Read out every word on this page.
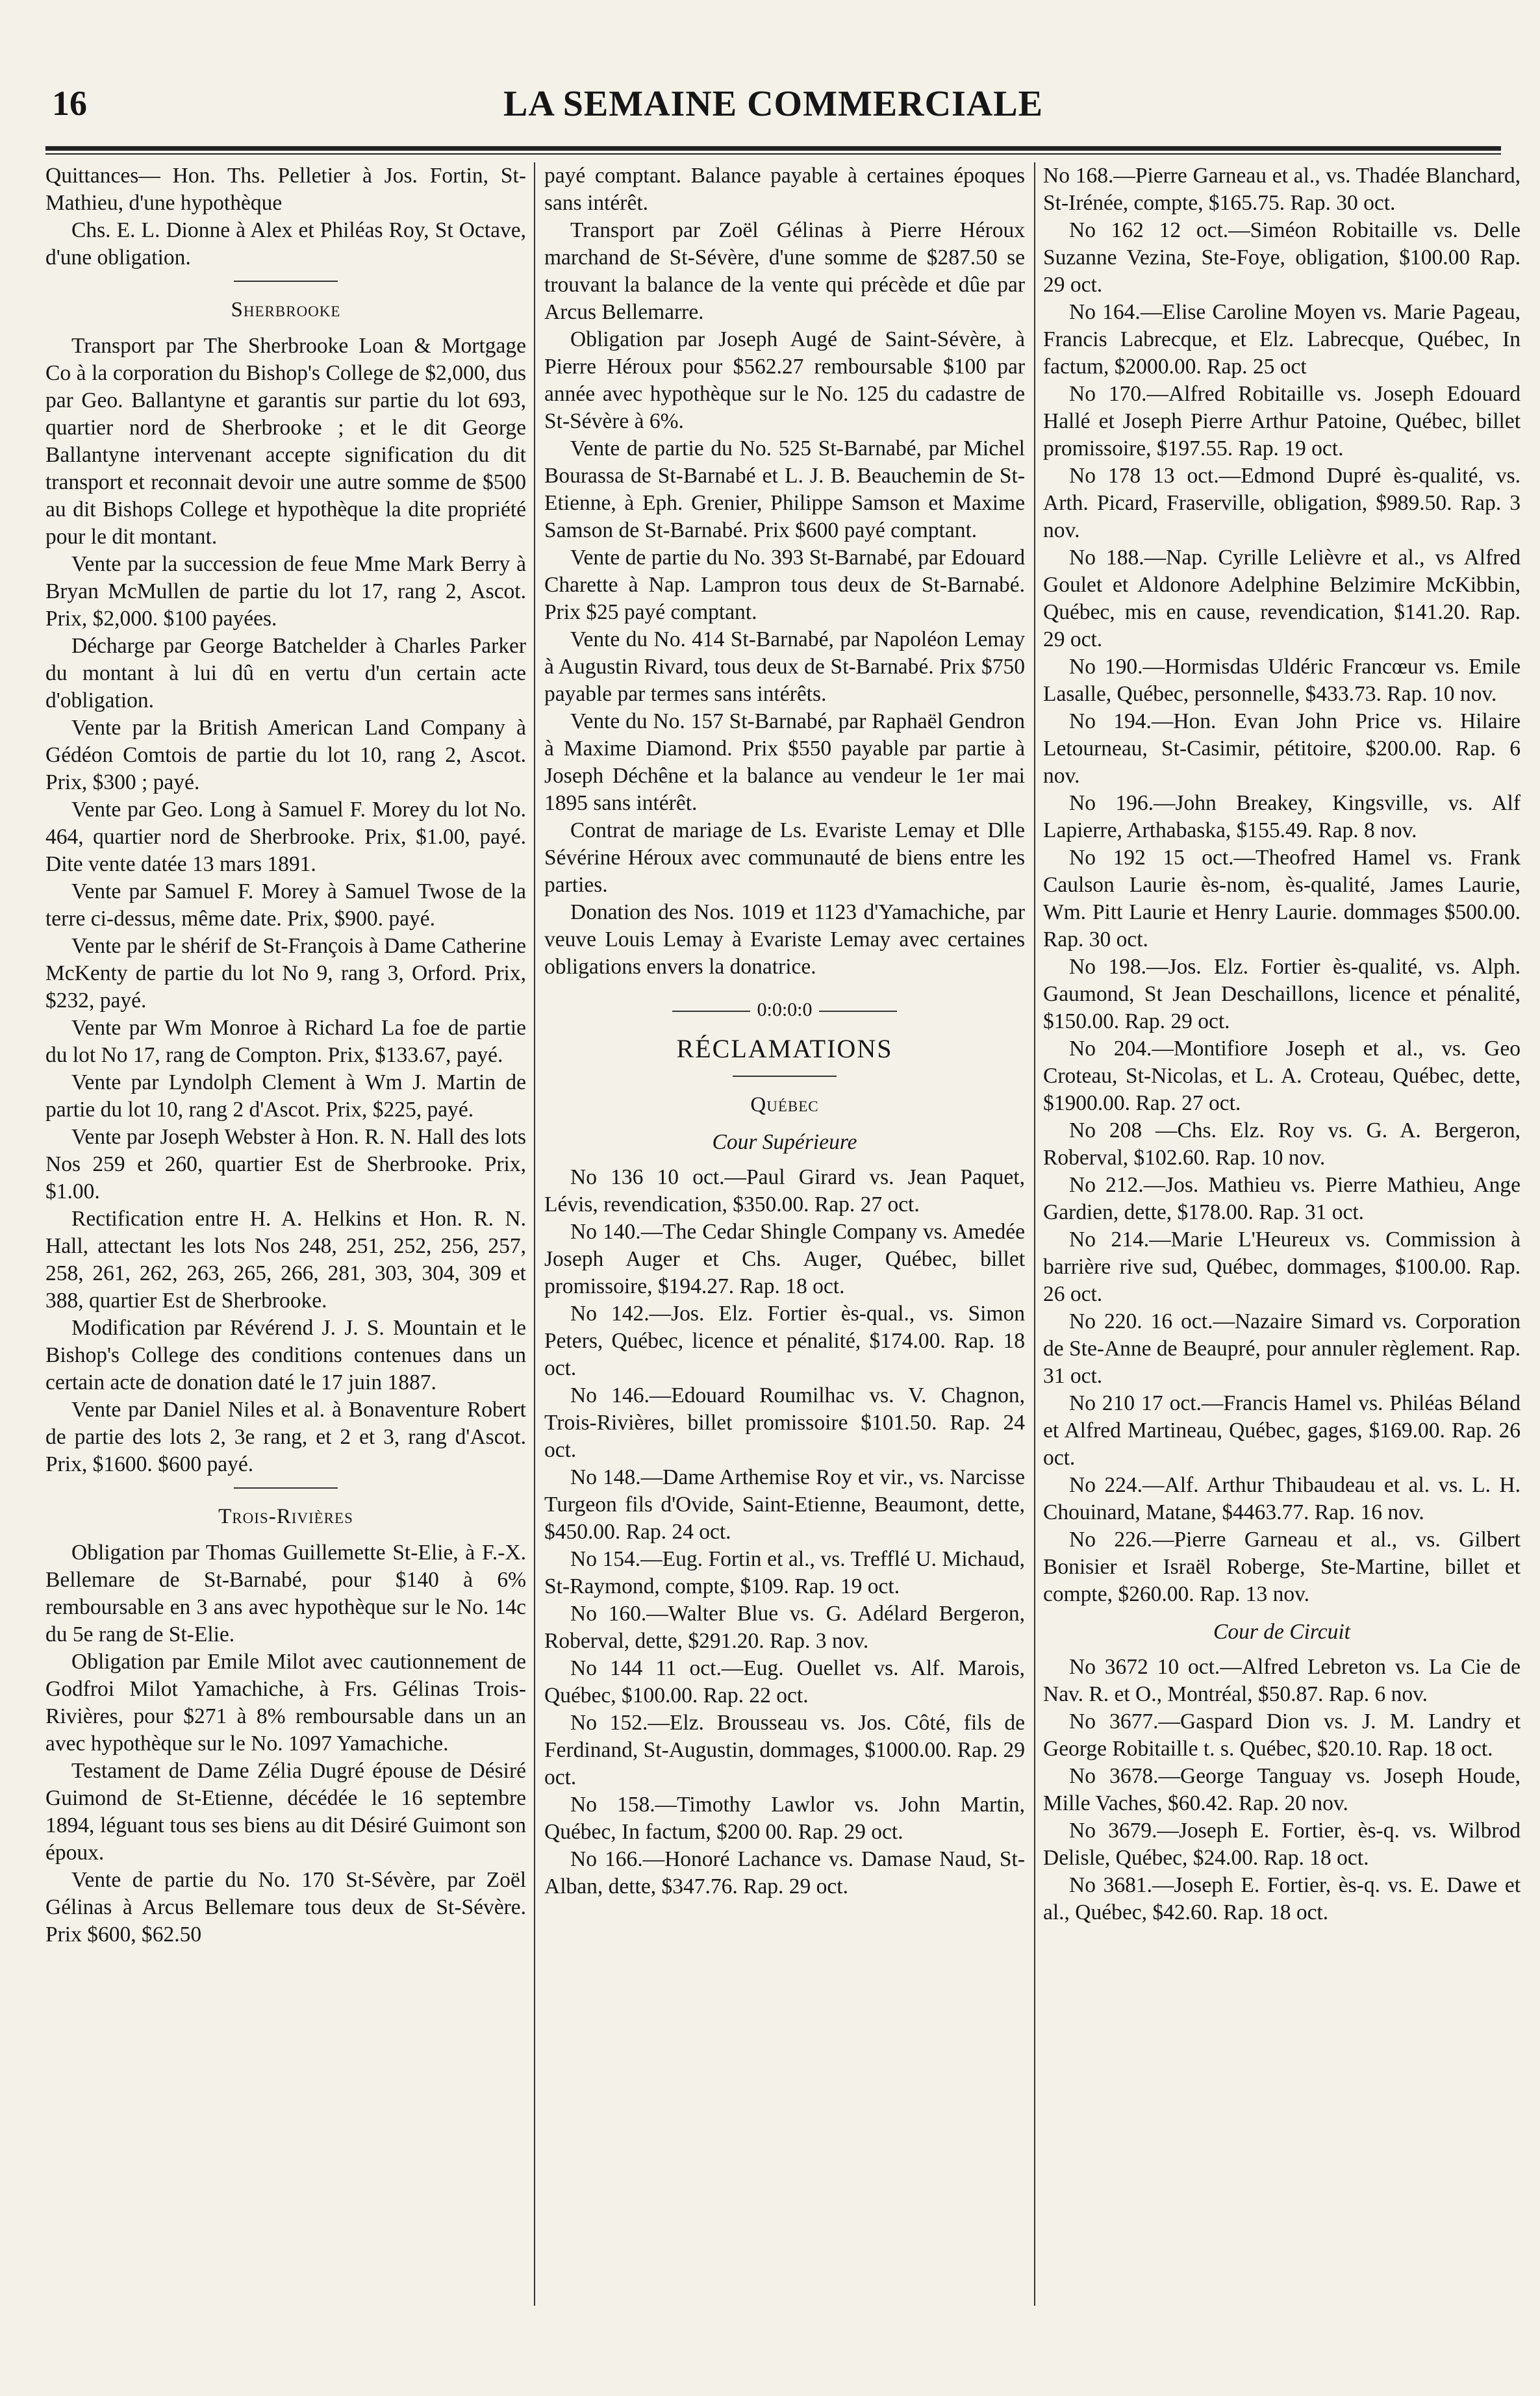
16	LA SEMAINE COMMERCIALE

Quittances— Hon. Ths. Pelletier à Jos. Fortin, St-Mathieu, d'une hypothèque

Chs. E. L. Dionne à Alex et Philéas Roy, St Octave, d'une obligation.

Sherbrooke

Transport par The Sherbrooke Loan & Mortgage Co à la corporation du Bishop's College de $2,000, dus par Geo. Ballantyne et garantis sur partie du lot 693, quartier nord de Sherbrooke ; et le dit George Ballantyne intervenant accepte signification du dit transport et reconnait devoir une autre somme de $500 au dit Bishops College et hypothèque la dite propriété pour le dit montant.

Vente par la succession de feue Mme Mark Berry à Bryan McMullen de partie du lot 17, rang 2, Ascot. Prix, $2,000. $100 payées.

Décharge par George Batchelder à Charles Parker du montant à lui dû en vertu d'un certain acte d'obligation.

Vente par la British American Land Company à Gédéon Comtois de partie du lot 10, rang 2, Ascot. Prix, $300 ; payé.

Vente par Geo. Long à Samuel F. Morey du lot No. 464, quartier nord de Sherbrooke. Prix, $1.00, payé. Dite vente datée 13 mars 1891.

Vente par Samuel F. Morey à Samuel Twose de la terre ci-dessus, même date. Prix, $900. payé.

Vente par le shérif de St-François à Dame Catherine McKenty de partie du lot No 9, rang 3, Orford. Prix, $232, payé.

Vente par Wm Monroe à Richard La foe de partie du lot No 17, rang de Compton. Prix, $133.67, payé.

Vente par Lyndolph Clement à Wm J. Martin de partie du lot 10, rang 2 d'Ascot. Prix, $225, payé.

Vente par Joseph Webster à Hon. R. N. Hall des lots Nos 259 et 260, quartier Est de Sherbrooke. Prix, $1.00.

Rectification entre H. A. Helkins et Hon. R. N. Hall, attectant les lots Nos 248, 251, 252, 256, 257, 258, 261, 262, 263, 265, 266, 281, 303, 304, 309 et 388, quartier Est de Sherbrooke.

Modification par Révérend J. J. S. Mountain et le Bishop's College des conditions contenues dans un certain acte de donation daté le 17 juin 1887.

Vente par Daniel Niles et al. à Bonaventure Robert de partie des lots 2, 3e rang, et 2 et 3, rang d'Ascot. Prix, $1600. $600 payé.

Trois-Rivières

Obligation par Thomas Guillemette St-Elie, à F.-X. Bellemare de St-Barnabé, pour $140 à 6% remboursable en 3 ans avec hypothèque sur le No. 14c du 5e rang de St-Elie.

Obligation par Emile Milot avec cautionnement de Godfroi Milot Yamachiche, à Frs. Gélinas Trois-Rivières, pour $271 à 8% remboursable dans un an avec hypothèque sur le No. 1097 Yamachiche.

Testament de Dame Zélia Dugré épouse de Désiré Guimond de St-Etienne, décédée le 16 septembre 1894, léguant tous ses biens au dit Désiré Guimont son époux.

Vente de partie du No. 170 St-Sévère, par Zoël Gélinas à Arcus Bellemare tous deux de St-Sévère. Prix $600, $62.50

payé comptant. Balance payable à certaines époques sans intérêt.

Transport par Zoël Gélinas à Pierre Héroux marchand de St-Sévère, d'une somme de $287.50 se trouvant la balance de la vente qui précède et dûe par Arcus Bellemarre.

Obligation par Joseph Augé de Saint-Sévère, à Pierre Héroux pour $562.27 remboursable $100 par année avec hypothèque sur le No. 125 du cadastre de St-Sévère à 6%.

Vente de partie du No. 525 St-Barnabé, par Michel Bourassa de St-Barnabé et L. J. B. Beauchemin de St-Etienne, à Eph. Grenier, Philippe Samson et Maxime Samson de St-Barnabé. Prix $600 payé comptant.

Vente de partie du No. 393 St-Barnabé, par Edouard Charette à Nap. Lampron tous deux de St-Barnabé. Prix $25 payé comptant.

Vente du No. 414 St-Barnabé, par Napoléon Lemay à Augustin Rivard, tous deux de St-Barnabé. Prix $750 payable par termes sans intérêts.

Vente du No. 157 St-Barnabé, par Raphaël Gendron à Maxime Diamond. Prix $550 payable par partie à Joseph Déchêne et la balance au vendeur le 1er mai 1895 sans intérêt.

Contrat de mariage de Ls. Evariste Lemay et Dlle Sévérine Héroux avec communauté de biens entre les parties.

Donation des Nos. 1019 et 1123 d'Yamachiche, par veuve Louis Lemay à Evariste Lemay avec certaines obligations envers la donatrice.

0:0:0:0
RÉCLAMATIONS
Québec
Cour Supérieure

No 136 10 oct.—Paul Girard vs. Jean Paquet, Lévis, revendication, $350.00. Rap. 27 oct.

No 140.—The Cedar Shingle Company vs. Amedée Joseph Auger et Chs. Auger, Québec, billet promissoire, $194.27. Rap. 18 oct.

No 142.—Jos. Elz. Fortier ès-qual., vs. Simon Peters, Québec, licence et pénalité, $174.00. Rap. 18 oct.

No 146.—Edouard Roumilhac vs. V. Chagnon, Trois-Rivières, billet promissoire $101.50. Rap. 24 oct.

No 148.—Dame Arthemise Roy et vir., vs. Narcisse Turgeon fils d'Ovide, Saint-Etienne, Beaumont, dette, $450.00. Rap. 24 oct.

No 154.—Eug. Fortin et al., vs. Trefflé U. Michaud, St-Raymond, compte, $109. Rap. 19 oct.

No 160.—Walter Blue vs. G. Adélard Bergeron, Roberval, dette, $291.20. Rap. 3 nov.

No 144 11 oct.—Eug. Ouellet vs. Alf. Marois, Québec, $100.00. Rap. 22 oct.

No 152.—Elz. Brousseau vs. Jos. Côté, fils de Ferdinand, St-Augustin, dommages, $1000.00. Rap. 29 oct.

No 158.—Timothy Lawlor vs. John Martin, Québec, In factum, $200 00. Rap. 29 oct.

No 166.—Honoré Lachance vs. Damase Naud, St-Alban, dette, $347.76. Rap. 29 oct.

No 168.—Pierre Garneau et al., vs. Thadée Blanchard, St-Irénée, compte, $165.75. Rap. 30 oct.

No 162 12 oct.—Siméon Robitaille vs. Delle Suzanne Vezina, Ste-Foye, obligation, $100.00 Rap. 29 oct.

No 164.—Elise Caroline Moyen vs. Marie Pageau, Francis Labrecque, et Elz. Labrecque, Québec, In factum, $2000.00. Rap. 25 oct

No 170.—Alfred Robitaille vs. Joseph Edouard Hallé et Joseph Pierre Arthur Patoine, Québec, billet promissoire, $197.55. Rap. 19 oct.

No 178 13 oct.—Edmond Dupré ès-qualité, vs. Arth. Picard, Fraserville, obligation, $989.50. Rap. 3 nov.

No 188.—Nap. Cyrille Lelièvre et al., vs Alfred Goulet et Aldonore Adelphine Belzimire McKibbin, Québec, mis en cause, revendication, $141.20. Rap. 29 oct.

No 190.—Hormisdas Uldéric Francœur vs. Emile Lasalle, Québec, personnelle, $433.73. Rap. 10 nov.

No 194.—Hon. Evan John Price vs. Hilaire Letourneau, St-Casimir, pétitoire, $200.00. Rap. 6 nov.

No 196.—John Breakey, Kingsville, vs. Alf Lapierre, Arthabaska, $155.49. Rap. 8 nov.

No 192 15 oct.—Theofred Hamel vs. Frank Caulson Laurie ès-nom, ès-qualité, James Laurie, Wm. Pitt Laurie et Henry Laurie. dommages $500.00. Rap. 30 oct.

No 198.—Jos. Elz. Fortier ès-qualité, vs. Alph. Gaumond, St Jean Deschaillons, licence et pénalité, $150.00. Rap. 29 oct.

No 204.—Montifiore Joseph et al., vs. Geo Croteau, St-Nicolas, et L. A. Croteau, Québec, dette, $1900.00. Rap. 27 oct.

No 208 —Chs. Elz. Roy vs. G. A. Bergeron, Roberval, $102.60. Rap. 10 nov.

No 212.—Jos. Mathieu vs. Pierre Mathieu, Ange Gardien, dette, $178.00. Rap. 31 oct.

No 214.—Marie L'Heureux vs. Commission à barrière rive sud, Québec, dommages, $100.00. Rap. 26 oct.

No 220. 16 oct.—Nazaire Simard vs. Corporation de Ste-Anne de Beaupré, pour annuler règlement. Rap. 31 oct.

No 210 17 oct.—Francis Hamel vs. Philéas Béland et Alfred Martineau, Québec, gages, $169.00. Rap. 26 oct.

No 224.—Alf. Arthur Thibaudeau et al. vs. L. H. Chouinard, Matane, $4463.77. Rap. 16 nov.

No 226.—Pierre Garneau et al., vs. Gilbert Bonisier et Israël Roberge, Ste-Martine, billet et compte, $260.00. Rap. 13 nov.

Cour de Circuit

No 3672 10 oct.—Alfred Lebreton vs. La Cie de Nav. R. et O., Montréal, $50.87. Rap. 6 nov.

No 3677.—Gaspard Dion vs. J. M. Landry et George Robitaille t. s. Québec, $20.10. Rap. 18 oct.

No 3678.—George Tanguay vs. Joseph Houde, Mille Vaches, $60.42. Rap. 20 nov.

No 3679.—Joseph E. Fortier, ès-q. vs. Wilbrod Delisle, Québec, $24.00. Rap. 18 oct.

No 3681.—Joseph E. Fortier, ès-q. vs. E. Dawe et al., Québec, $42.60. Rap. 18 oct.
